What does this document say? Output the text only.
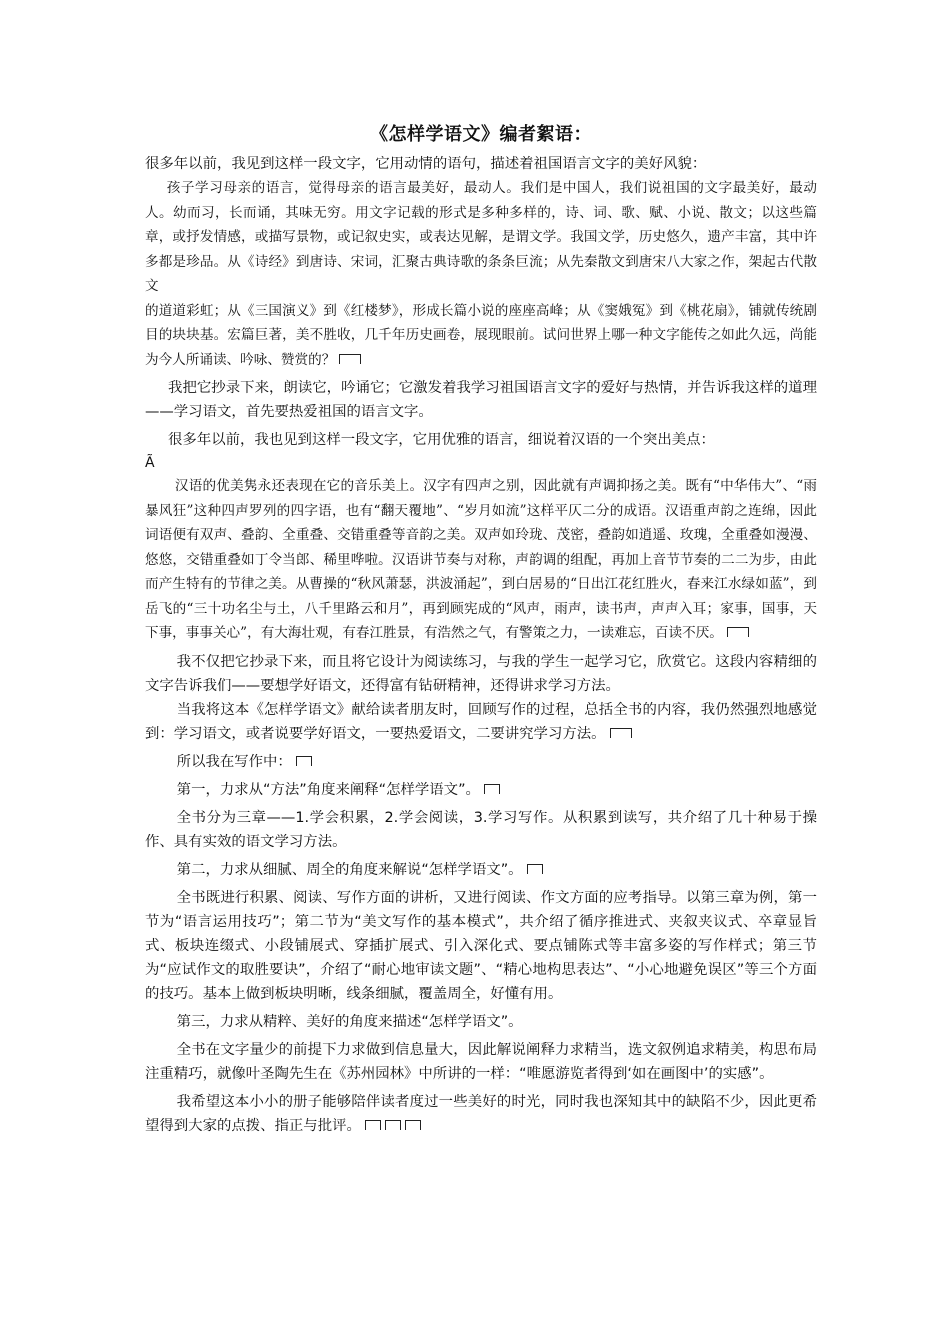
《怎样学语文》编者絮语：

很多年以前，我见到这样一段文字，它用动情的语句，描述着祖国语言文字的美好风貌：

孩子学习母亲的语言，觉得母亲的语言最美好，最动人。我们是中国人，我们说祖国的文字最美好，最动人。幼而习，长而诵，其味无穷。用文字记载的形式是多种多样的，诗、词、歌、赋、小说、散文；以这些篇章，或抒发情感，或描写景物，或记叙史实，或表达见解，是谓文学。我国文学，历史悠久，遗产丰富，其中许多都是珍品。从《诗经》到唐诗、宋词，汇聚古典诗歌的条条巨流；从先秦散文到唐宋八大家之作，架起古代散文

的道道彩虹；从《三国演义》到《红楼梦》，形成长篇小说的座座高峰；从《窦娥冤》到《桃花扇》，铺就传统剧目的块块基。宏篇巨著，美不胜收，几千年历史画卷，展现眼前。试问世界上哪一种文字能传之如此久远，尚能为今人所诵读、吟咏、赞赏的？

我把它抄录下来，朗读它，吟诵它；它激发着我学习祖国语言文字的爱好与热情，并告诉我这样的道理——学习语文，首先要热爱祖国的语言文字。

很多年以前，我也见到这样一段文字，它用优雅的语言，细说着汉语的一个突出美点：

Ã

汉语的优美隽永还表现在它的音乐美上。汉字有四声之别，因此就有声调抑扬之美。既有“中华伟大”、“雨暴风狂”这种四声罗列的四字语，也有“翻天覆地”、“岁月如流”这样平仄二分的成语。汉语重声韵之连绵，因此词语便有双声、叠韵、全重叠、交错重叠等音韵之美。双声如玲珑、茂密，叠韵如逍遥、玫瑰，全重叠如漫漫、悠悠，交错重叠如丁令当郎、稀里哗啦。汉语讲节奏与对称，声韵调的组配，再加上音节节奏的二二为步，由此而产生特有的节律之美。从曹操的“秋风萧瑟，洪波涌起”，到白居易的“日出江花红胜火，春来江水绿如蓝”，到岳飞的“三十功名尘与土，八千里路云和月”，再到顾宪成的“风声，雨声，读书声，声声入耳；家事，国事，天下事，事事关心”，有大海壮观，有春江胜景，有浩然之气，有警策之力，一读难忘，百读不厌。

我不仅把它抄录下来，而且将它设计为阅读练习，与我的学生一起学习它，欣赏它。这段内容精细的文字告诉我们——要想学好语文，还得富有钻研精神，还得讲求学习方法。

当我将这本《怎样学语文》献给读者朋友时，回顾写作的过程，总括全书的内容，我仍然强烈地感觉到：学习语文，或者说要学好语文，一要热爱语文，二要讲究学习方法。

所以我在写作中：

第一，力求从“方法”角度来阐释“怎样学语文”。

全书分为三章——1.学会积累，2.学会阅读，3.学习写作。从积累到读写，共介绍了几十种易于操作、具有实效的语文学习方法。

第二，力求从细腻、周全的角度来解说“怎样学语文”。

全书既进行积累、阅读、写作方面的讲析，又进行阅读、作文方面的应考指导。以第三章为例，第一节为“语言运用技巧”；第二节为“美文写作的基本模式”，共介绍了循序推进式、夹叙夹议式、卒章显旨式、板块连缀式、小段铺展式、穿插扩展式、引入深化式、要点铺陈式等丰富多姿的写作样式；第三节为“应试作文的取胜要诀”，介绍了“耐心地审读文题”、“精心地构思表达”、“小心地避免误区”等三个方面的技巧。基本上做到板块明晰，线条细腻，覆盖周全，好懂有用。

第三，力求从精粹、美好的角度来描述“怎样学语文”。

全书在文字量少的前提下力求做到信息量大，因此解说阐释力求精当，选文叙例追求精美，构思布局注重精巧，就像叶圣陶先生在《苏州园林》中所讲的一样：“唯愿游览者得到‘如在画图中’的实感”。

我希望这本小小的册子能够陪伴读者度过一些美好的时光，同时我也深知其中的缺陷不少，因此更希望得到大家的点拨、指正与批评。
